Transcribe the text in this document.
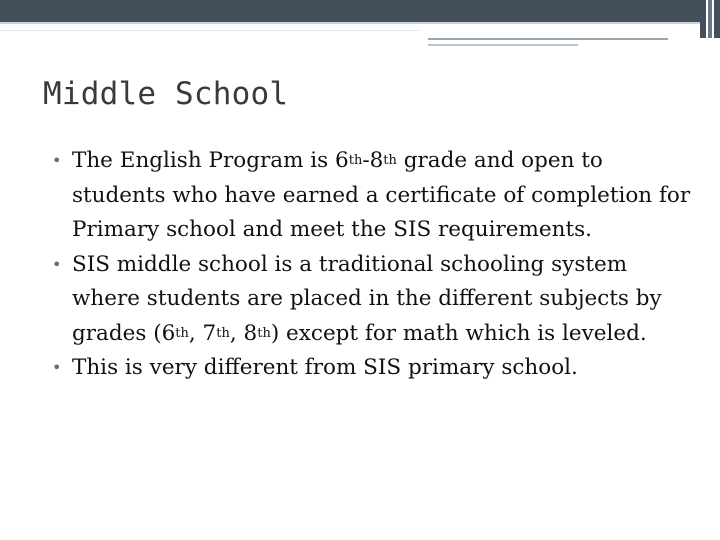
Middle School

• The English Program is 6th-8th grade and open to students who have earned a certificate of completion for Primary school and meet the SIS requirements.

• SIS middle school is a traditional schooling system where students are placed in the different subjects by grades (6th, 7th, 8th) except for math which is leveled.

• This is very different from SIS primary school.
